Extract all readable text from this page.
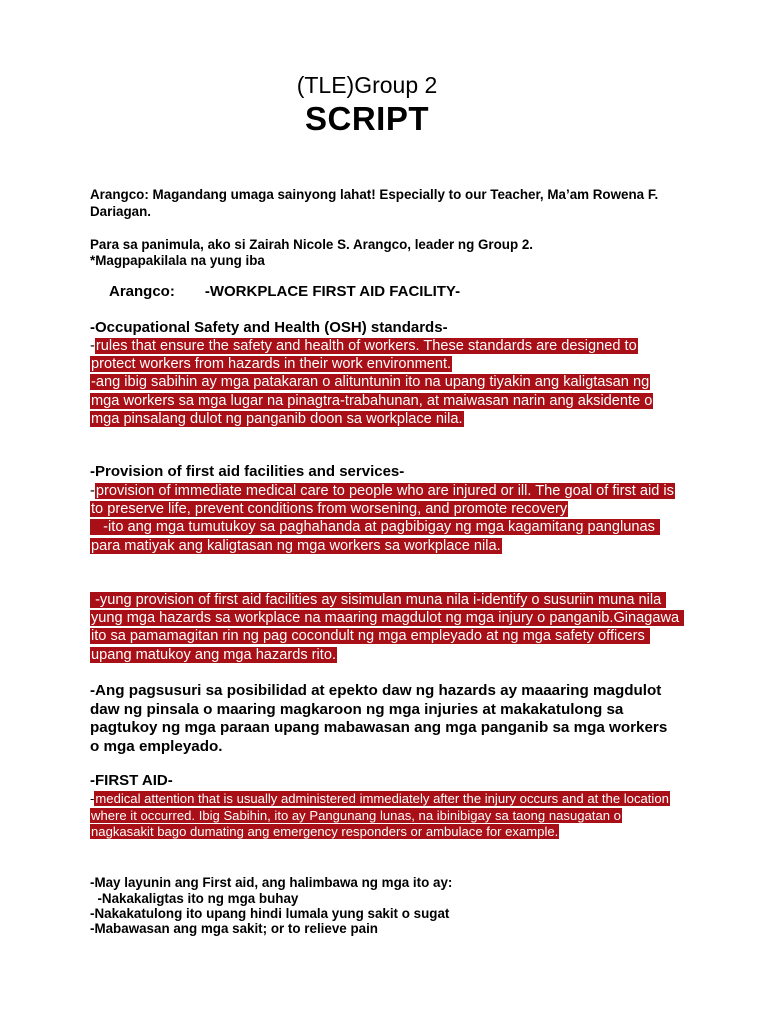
(TLE)Group 2
SCRIPT
Arangco: Magandang umaga sainyong lahat! Especially to our Teacher, Ma’am Rowena F. Dariagan.
Para sa panimula, ako si Zairah Nicole S. Arangco, leader ng Group 2.
*Magpapakilala na yung iba
Arangco: -WORKPLACE FIRST AID FACILITY-
-Occupational Safety and Health (OSH) standards-
-rules that ensure the safety and health of workers. These standards are designed to protect workers from hazards in their work environment.
-ang ibig sabihin ay mga patakaran o alituntunin ito na upang tiyakin ang kaligtasan ng mga workers sa mga lugar na pinagtra-trabahunan, at maiwasan narin ang aksidente o mga pinsalang dulot ng panganib doon sa workplace nila.
-Provision of first aid facilities and services-
-provision of immediate medical care to people who are injured or ill. The goal of first aid is to preserve life, prevent conditions from worsening, and promote recovery
-ito ang mga tumutukoy sa paghahanda at pagbibigay ng mga kagamitang panglunas para matiyak ang kaligtasan ng mga workers sa workplace nila.
-yung provision of first aid facilities ay sisimulan muna nila i-identify o susuriin muna nila yung mga hazards sa workplace na maaring magdulot ng mga injury o panganib.Ginagawa ito sa pamamagitan rin ng pag cocondult ng mga empleyado at ng mga safety officers upang matukoy ang mga hazards rito.
-Ang pagsusuri sa posibilidad at epekto daw ng hazards ay maaaring magdulot daw ng pinsala o maaring magkaroon ng mga injuries at makakatulong sa pagtukoy ng mga paraan upang mabawasan ang mga panganib sa mga workers o mga empleyado.
-FIRST AID-
-medical attention that is usually administered immediately after the injury occurs and at the location where it occurred. Ibig Sabihin, ito ay Pangunang lunas, na ibinibigay sa taong nasugatan o nagkasakit bago dumating ang emergency responders or ambulace for example.
-May layunin ang First aid, ang halimbawa ng mga ito ay:
-Nakakaligtas ito ng mga buhay
-Nakakatulong ito upang hindi lumala yung sakit o sugat
-Mabawasan ang mga sakit; or to relieve pain
